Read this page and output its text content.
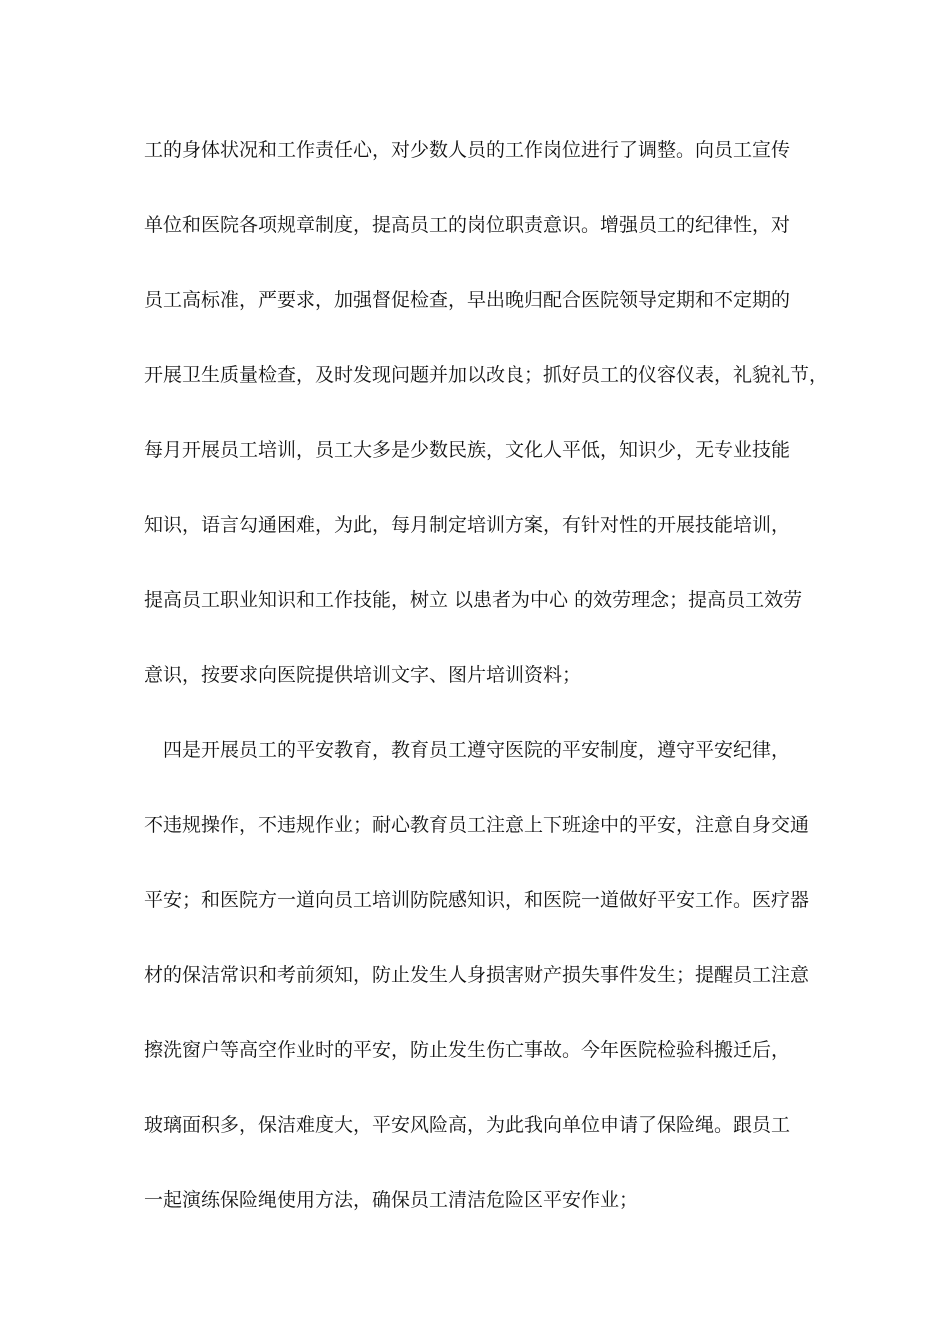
工的身体状况和工作责任心，对少数人员的工作岗位进行了调整。向员工宣传
单位和医院各项规章制度，提高员工的岗位职责意识。增强员工的纪律性，对
员工高标准，严要求，加强督促检查，早出晚归配合医院领导定期和不定期的
开展卫生质量检查，及时发现问题并加以改良；抓好员工的仪容仪表，礼貌礼节，
每月开展员工培训，员工大多是少数民族，文化人平低，知识少，无专业技能
知识，语言勾通困难，为此，每月制定培训方案，有针对性的开展技能培训，
提高员工职业知识和工作技能，树立 以患者为中心 的效劳理念；提高员工效劳
意识，按要求向医院提供培训文字、图片培训资料；
四是开展员工的平安教育，教育员工遵守医院的平安制度，遵守平安纪律，
不违规操作，不违规作业；耐心教育员工注意上下班途中的平安，注意自身交通
平安；和医院方一道向员工培训防院感知识，和医院一道做好平安工作。医疗器
材的保洁常识和考前须知，防止发生人身损害财产损失事件发生；提醒员工注意
擦洗窗户等高空作业时的平安，防止发生伤亡事故。今年医院检验科搬迁后，
玻璃面积多，保洁难度大，平安风险高，为此我向单位申请了保险绳。跟员工
一起演练保险绳使用方法，确保员工清洁危险区平安作业；
